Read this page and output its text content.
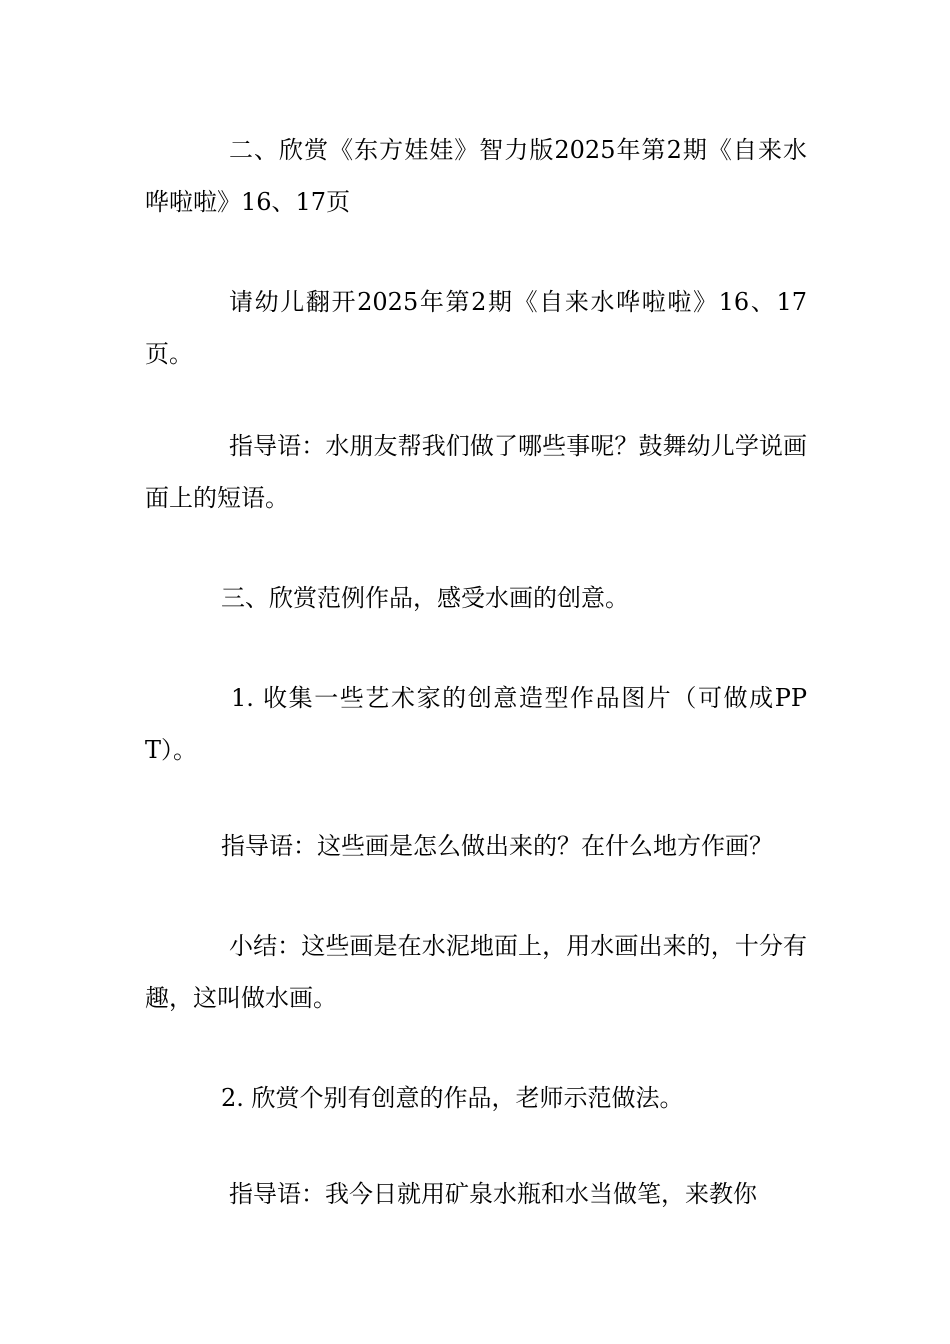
二、欣赏《东方娃娃》智力版2025年第2期《自来水哗啦啦》16、17页

请幼儿翻开2025年第2期《自来水哗啦啦》16、17页。

指导语：水朋友帮我们做了哪些事呢？鼓舞幼儿学说画面上的短语。

三、欣赏范例作品，感受水画的创意。

1. 收集一些艺术家的创意造型作品图片（可做成PPT）。

指导语：这些画是怎么做出来的？在什么地方作画？

小结：这些画是在水泥地面上，用水画出来的，十分有趣，这叫做水画。

2. 欣赏个别有创意的作品，老师示范做法。

指导语：我今日就用矿泉水瓶和水当做笔，来教你
